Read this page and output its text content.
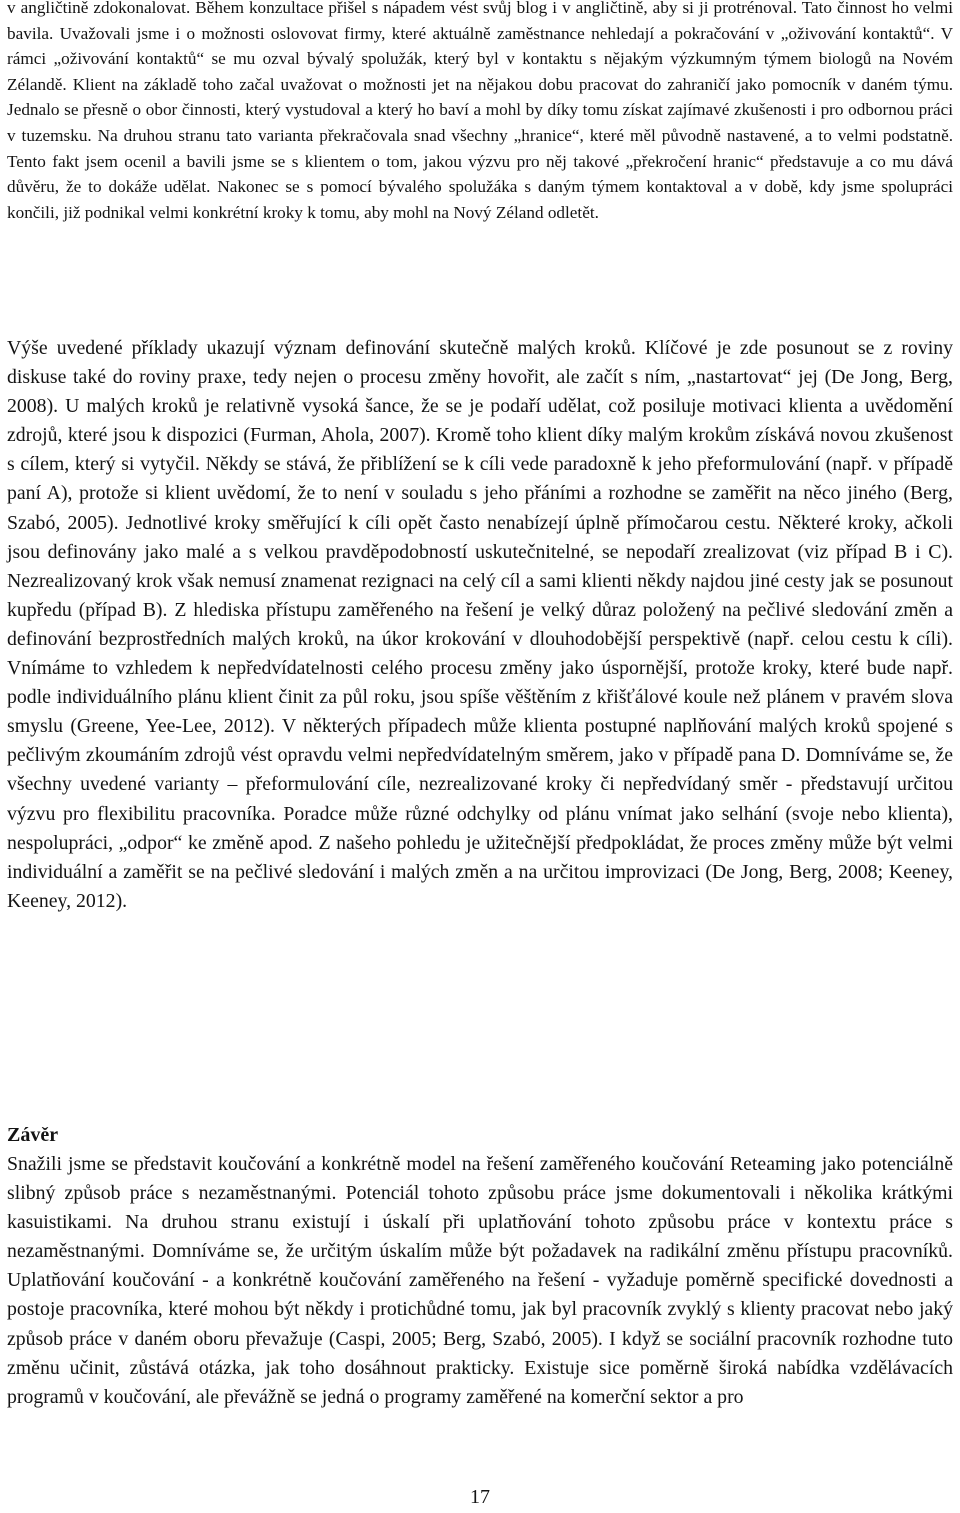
v angličtině zdokonalovat. Během konzultace přišel s nápadem vést svůj blog i v angličtině, aby si ji protrénoval. Tato činnost ho velmi bavila. Uvažovali jsme i o možnosti oslovovat firmy, které aktuálně zaměstnance nehledají a pokračování v „oživování kontaktů“. V rámci „oživování kontaktů“ se mu ozval bývalý spolužák, který byl v kontaktu s nějakým výzkumným týmem biologů na Novém Zélandě. Klient na základě toho začal uvažovat o možnosti jet na nějakou dobu pracovat do zahraničí jako pomocník v daném týmu. Jednalo se přesně o obor činnosti, který vystudoval a který ho baví a mohl by díky tomu získat zajímavé zkušenosti i pro odbornou práci v tuzemsku. Na druhou stranu tato varianta překračovala snad všechny „hranice“, které měl původně nastavené, a to velmi podstatně. Tento fakt jsem ocenil a bavili jsme se s klientem o tom, jakou výzvu pro něj takové „překročení hranic“ představuje a co mu dává důvěru, že to dokáže udělat. Nakonec se s pomocí bývalého spolužáka s daným týmem kontaktoval a v době, kdy jsme spolupráci končili, již podnikal velmi konkrétní kroky k tomu, aby mohl na Nový Zéland odletět.

Výše uvedené příklady ukazují význam definování skutečně malých kroků. Klíčové je zde posunout se z roviny diskuse také do roviny praxe, tedy nejen o procesu změny hovořit, ale začít s ním, „nastartovat“ jej (De Jong, Berg, 2008). U malých kroků je relativně vysoká šance, že se je podaří udělat, což posiluje motivaci klienta a uvědomění zdrojů, které jsou k dispozici (Furman, Ahola, 2007). Kromě toho klient díky malým krokům získává novou zkušenost s cílem, který si vytyčil. Někdy se stává, že přiblížení se k cíli vede paradoxně k jeho přeformulování (např. v případě paní A), protože si klient uvědomí, že to není v souladu s jeho přáními a rozhodne se zaměřit na něco jiného (Berg, Szabó, 2005). Jednotlivé kroky směřující k cíli opět často nenabízejí úplně přímočarou cestu. Některé kroky, ačkoli jsou definovány jako malé a s velkou pravděpodobností uskutečnitelné, se nepodaří zrealizovat (viz případ B i C). Nezrealizovaný krok však nemusí znamenat rezignaci na celý cíl a sami klienti někdy najdou jiné cesty jak se posunout kupředu (případ B). Z hlediska přístupu zaměřeného na řešení je velký důraz položený na pečlivé sledování změn a definování bezprostředních malých kroků, na úkor krokování v dlouhodobější perspektivě (např. celou cestu k cíli). Vnímáme to vzhledem k nepředvídatelnosti celého procesu změny jako úspornější, protože kroky, které bude např. podle individuálního plánu klient činit za půl roku, jsou spíše věštěním z křišťálové koule než plánem v pravém slova smyslu (Greene, Yee-Lee, 2012). V některých případech může klienta postupné naplňování malých kroků spojené s pečlivým zkoumáním zdrojů vést opravdu velmi nepředvídatelným směrem, jako v případě pana D. Domníváme se, že všechny uvedené varianty – přeformulování cíle, nezrealizované kroky či nepředvídaný směr - představují určitou výzvu pro flexibilitu pracovníka. Poradce může různé odchylky od plánu vnímat jako selhání (svoje nebo klienta), nespolupráci, „odpor“ ke změně apod. Z našeho pohledu je užitečnější předpokládat, že proces změny může být velmi individuální a zaměřit se na pečlivé sledování i malých změn a na určitou improvizaci (De Jong, Berg, 2008; Keeney, Keeney, 2012).

Závěr

Snažili jsme se představit koučování a konkrétně model na řešení zaměřeného koučování Reteaming jako potenciálně slibný způsob práce s nezaměstnanými. Potenciál tohoto způsobu práce jsme dokumentovali i několika krátkými kasuistikami. Na druhou stranu existují i úskalí při uplatňování tohoto způsobu práce v kontextu práce s nezaměstnanými. Domníváme se, že určitým úskalím může být požadavek na radikální změnu přístupu pracovníků. Uplatňování koučování - a konkrétně koučování zaměřeného na řešení - vyžaduje poměrně specifické dovednosti a postoje pracovníka, které mohou být někdy i protichůdné tomu, jak byl pracovník zvyklý s klienty pracovat nebo jaký způsob práce v daném oboru převažuje (Caspi, 2005; Berg, Szabó, 2005). I když se sociální pracovník rozhodne tuto změnu učinit, zůstává otázka, jak toho dosáhnout prakticky. Existuje sice poměrně široká nabídka vzdělávacích programů v koučování, ale převážně se jedná o programy zaměřené na komerční sektor a pro

17
